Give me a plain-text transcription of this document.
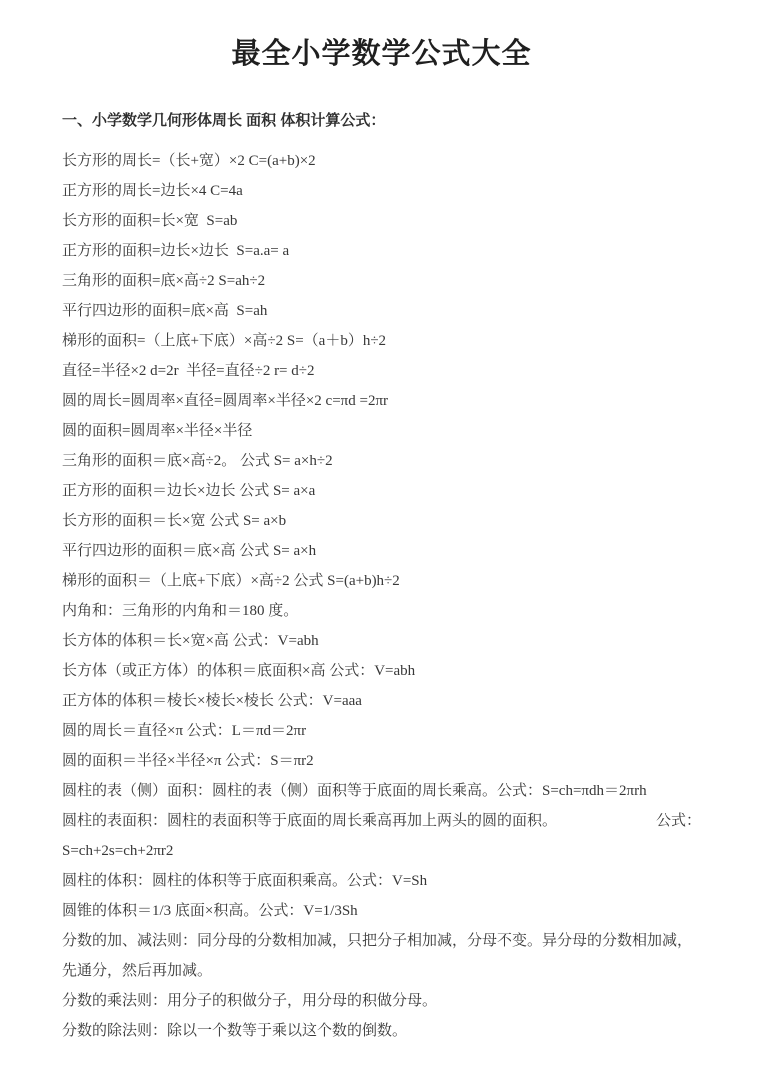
最全小学数学公式大全
一、小学数学几何形体周长 面积 体积计算公式：
长方形的周长=（长+宽）×2 C=(a+b)×2
正方形的周长=边长×4 C=4a
长方形的面积=长×宽  S=ab
正方形的面积=边长×边长  S=a.a= a
三角形的面积=底×高÷2 S=ah÷2
平行四边形的面积=底×高  S=ah
梯形的面积=（上底+下底）×高÷2 S=（a＋b）h÷2
直径=半径×2 d=2r  半径=直径÷2 r= d÷2
圆的周长=圆周率×直径=圆周率×半径×2 c=πd =2πr
圆的面积=圆周率×半径×半径
三角形的面积＝底×高÷2。 公式 S= a×h÷2
正方形的面积＝边长×边长 公式 S= a×a
长方形的面积＝长×宽 公式 S= a×b
平行四边形的面积＝底×高 公式 S= a×h
梯形的面积＝（上底+下底）×高÷2 公式 S=(a+b)h÷2
内角和：三角形的内角和＝180 度。
长方体的体积＝长×宽×高 公式：V=abh
长方体（或正方体）的体积＝底面积×高 公式：V=abh
正方体的体积＝棱长×棱长×棱长 公式：V=aaa
圆的周长＝直径×π 公式：L＝πd＝2πr
圆的面积＝半径×半径×π 公式：S＝πr2
圆柱的表（侧）面积：圆柱的表（侧）面积等于底面的周长乘高。公式：S=ch=πdh＝2πrh
圆柱的表面积：圆柱的表面积等于底面的周长乘高再加上两头的圆的面积。	公式：
S=ch+2s=ch+2πr2
圆柱的体积：圆柱的体积等于底面积乘高。公式：V=Sh
圆锥的体积＝1/3 底面×积高。公式：V=1/3Sh
分数的加、减法则：同分母的分数相加减，只把分子相加减，分母不变。异分母的分数相加减，
先通分，然后再加减。
分数的乘法则：用分子的积做分子，用分母的积做分母。
分数的除法则：除以一个数等于乘以这个数的倒数。
